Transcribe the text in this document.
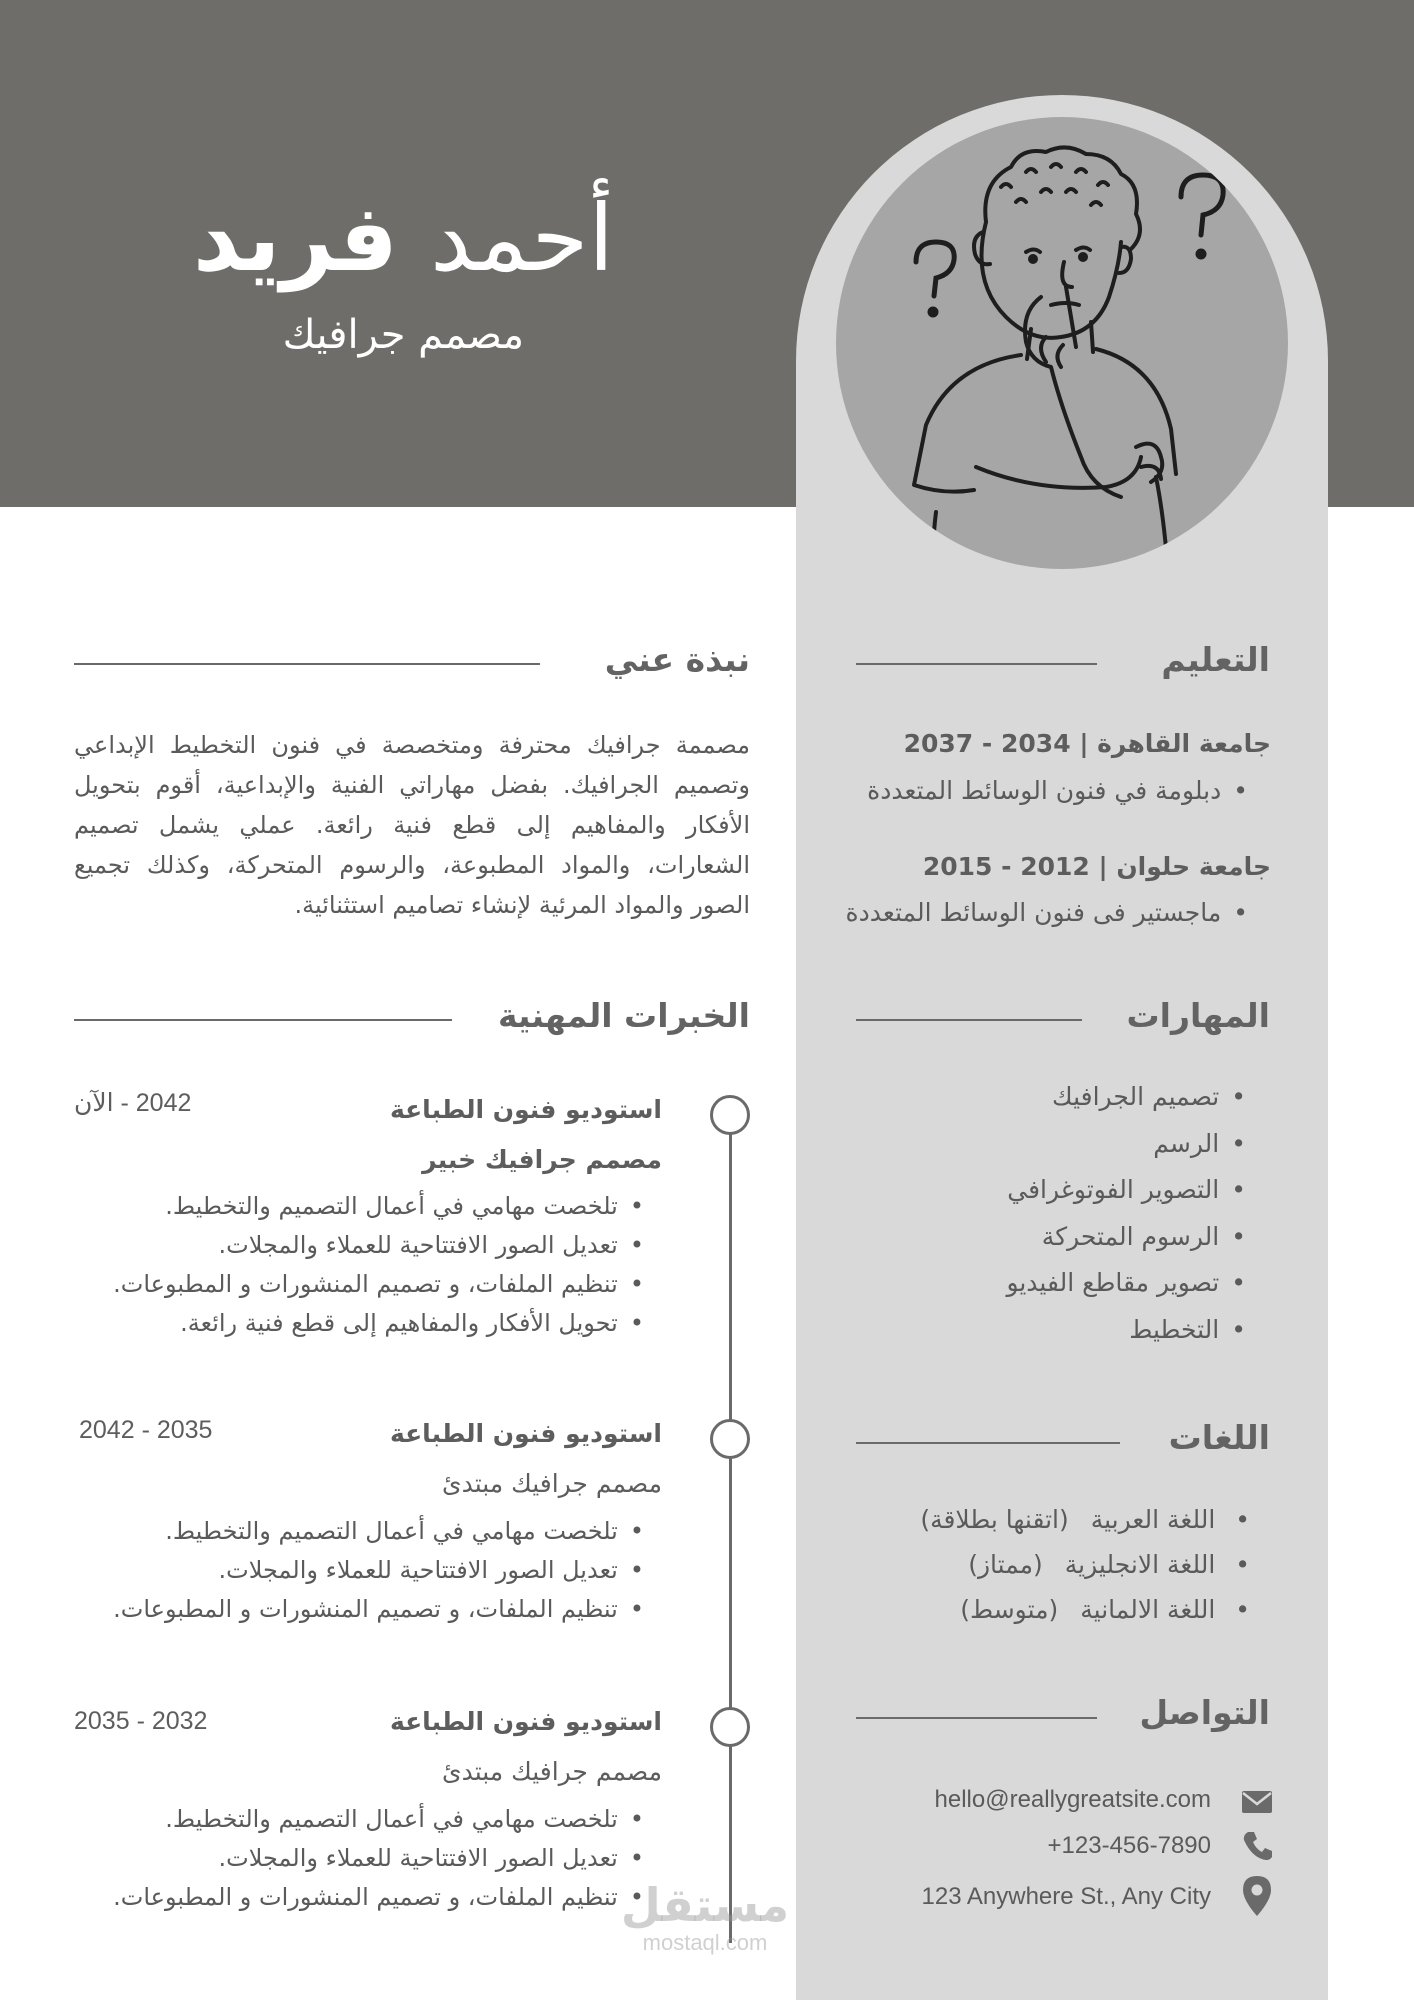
أحمد فريد
مصمم جرافيك
التعليم
جامعة القاهرة | 2034 - 2037
• دبلومة في فنون الوسائط المتعددة
جامعة حلوان | 2012 - 2015
• ماجستير فى فنون الوسائط المتعددة
المهارات
• تصميم الجرافيك
• الرسم
• التصوير الفوتوغرافي
• الرسوم المتحركة
• تصوير مقاطع الفيديو
• التخطيط
اللغات
• اللغة العربية (اتقنها بطلاقة)
• اللغة الانجليزية (ممتاز)
• اللغة الالمانية (متوسط)
التواصل
hello@reallygreatsite.com
+123-456-7890
123 Anywhere St., Any City
نبذة عني
مصممة جرافيك محترفة ومتخصصة في فنون التخطيط الإبداعي وتصميم الجرافيك. بفضل مهاراتي الفنية والإبداعية، أقوم بتحويل الأفكار والمفاهيم إلى قطع فنية رائعة. عملي يشمل تصميم الشعارات، والمواد المطبوعة، والرسوم المتحركة، وكذلك تجميع الصور والمواد المرئية لإنشاء تصاميم استثنائية.
الخبرات المهنية
استوديو فنون الطباعة
مصمم جرافيك خبير
2042 - الآن
• تلخصت مهامي في أعمال التصميم والتخطيط.
• تعديل الصور الافتتاحية للعملاء والمجلات.
• تنظيم الملفات، و تصميم المنشورات و المطبوعات.
• تحويل الأفكار والمفاهيم إلى قطع فنية رائعة.
استوديو فنون الطباعة
مصمم جرافيك مبتدئ
2035 - 2042
• تلخصت مهامي في أعمال التصميم والتخطيط.
• تعديل الصور الافتتاحية للعملاء والمجلات.
• تنظيم الملفات، و تصميم المنشورات و المطبوعات.
استوديو فنون الطباعة
مصمم جرافيك مبتدئ
2032 - 2035
• تلخصت مهامي في أعمال التصميم والتخطيط.
• تعديل الصور الافتتاحية للعملاء والمجلات.
• تنظيم الملفات، و تصميم المنشورات و المطبوعات. مستقل
mostaql.com
